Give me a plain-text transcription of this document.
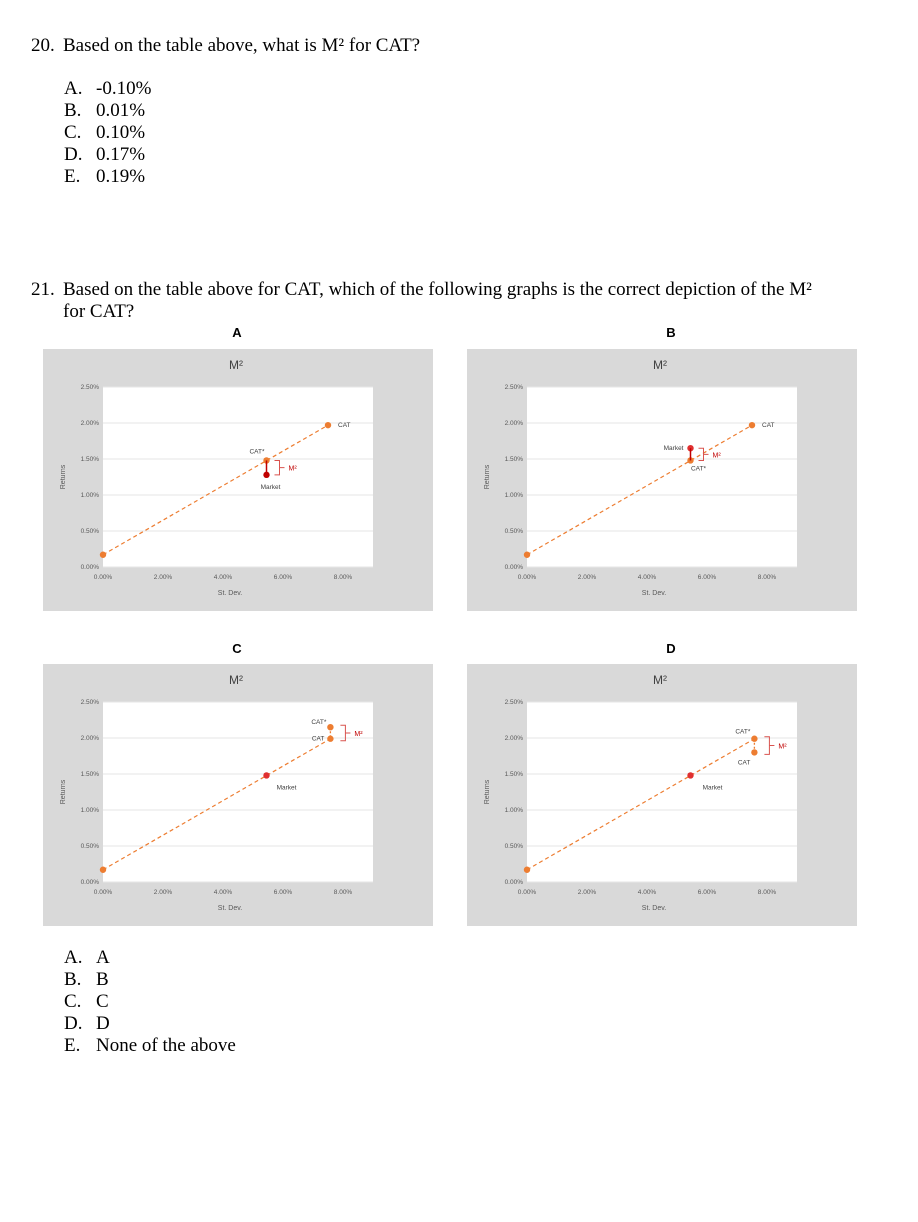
20. Based on the table above, what is M² for CAT?
A. -0.10%
B. 0.01%
C. 0.10%
D. 0.17%
E. 0.19%
21. Based on the table above for CAT, which of the following graphs is the correct depiction of the M²
for CAT?
A	B
C	D
M²
0.00%
0.50%
1.00%
1.50%
2.00%
2.50%
0.00%	2.00%	4.00%	6.00%	8.00%
St. Dev.
Returns
CAT
CAT*
Market
M²
M²
0.00%
0.50%
1.00%
1.50%
2.00%
2.50%
0.00%	2.00%	4.00%	6.00%	8.00%
St. Dev.
Returns
CAT
Market
CAT*
M²
M²
0.00%
0.50%
1.00%
1.50%
2.00%
2.50%
0.00%	2.00%	4.00%	6.00%	8.00%
St. Dev.
Returns
CAT*
CAT
Market
M²
M²
0.00%
0.50%
1.00%
1.50%
2.00%
2.50%
0.00%	2.00%	4.00%	6.00%	8.00%
St. Dev.
Returns
CAT*
CAT
Market
M²
A. A
B. B
C. C
D. D
E. None of the above
